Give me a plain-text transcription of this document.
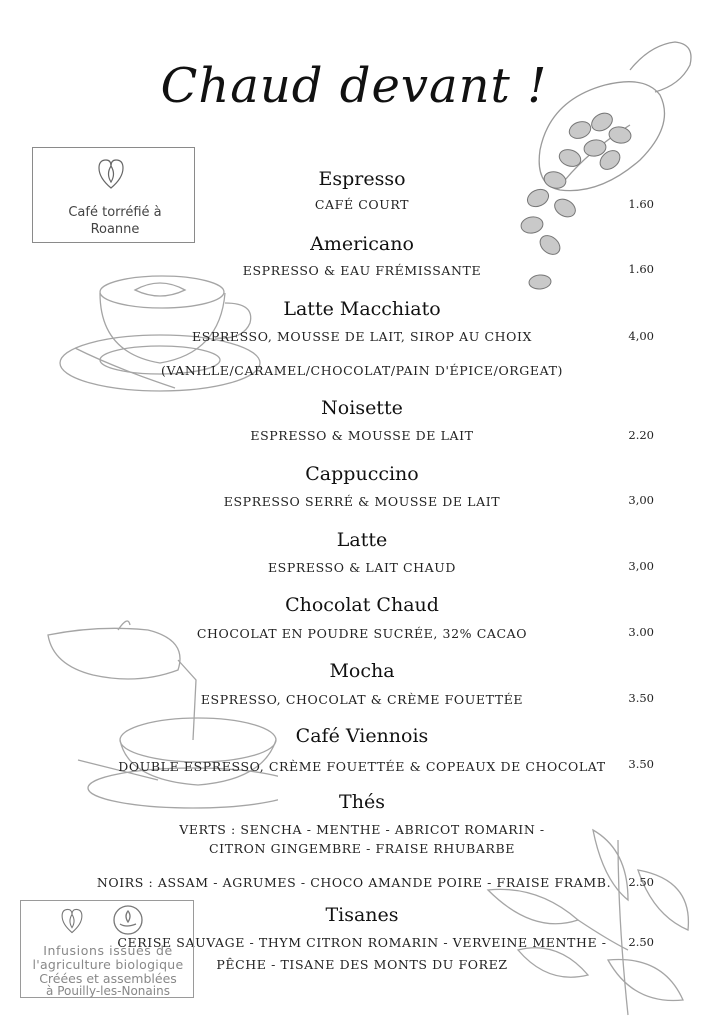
Chaud devant !
Café torréfié à
Roanne
Espresso
CAFÉ COURT	1.60
Americano
ESPRESSO & EAU FRÉMISSANTE	1.60
Latte Macchiato
ESPRESSO, MOUSSE DE LAIT, SIROP AU CHOIX	4,00
(VANILLE/CARAMEL/CHOCOLAT/PAIN D'ÉPICE/ORGEAT)
Noisette
ESPRESSO & MOUSSE DE LAIT	2.20
Cappuccino
ESPRESSO SERRÉ & MOUSSE DE LAIT	3,00
Latte
ESPRESSO & LAIT CHAUD	3,00
Chocolat Chaud
CHOCOLAT EN POUDRE SUCRÉE, 32% CACAO	3.00
Mocha
ESPRESSO, CHOCOLAT & CRÈME FOUETTÉE	3.50
Café Viennois
DOUBLE ESPRESSO, CRÈME FOUETTÉE & COPEAUX DE CHOCOLAT	3.50
Thés
VERTS : SENCHA - MENTHE - ABRICOT ROMARIN -
CITRON GINGEMBRE - FRAISE RHUBARBE
NOIRS : ASSAM - AGRUMES - CHOCO AMANDE POIRE - FRAISE FRAMB.	2.50
Tisanes
CERISE SAUVAGE - THYM CITRON ROMARIN - VERVEINE MENTHE -
PÊCHE - TISANE DES MONTS DU FOREZ
2.50
Infusions issues de
l'agriculture biologique
Créées et assemblées
à Pouilly-les-Nonains
